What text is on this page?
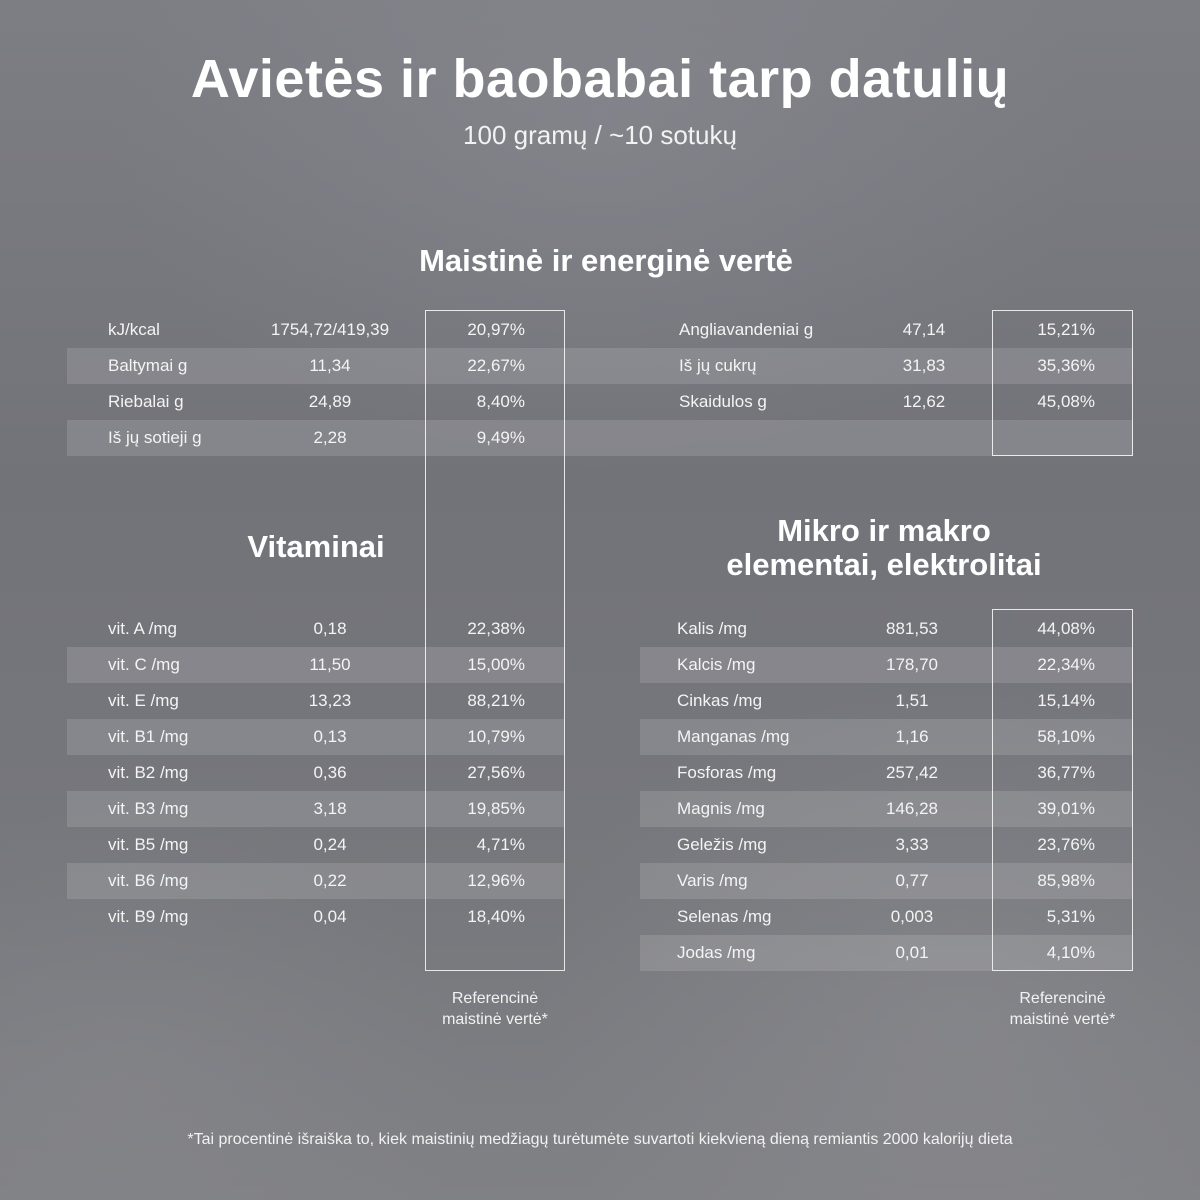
Avietės ir baobabai tarp datulių
100 gramų / ~10 sotukų
Maistinė ir energinė vertė
kJ/kcal	1754,72/419,39	20,97%
Baltymai g	11,34	22,67%
Riebalai g	24,89	8,40%
Iš jų sotieji g	2,28	9,49%
Angliavandeniai g	47,14	15,21%
Iš jų cukrų	31,83	35,36%
Skaidulos g	12,62	45,08%
Vitaminai	Mikro ir makro
elementai, elektrolitai
vit. A /mg	0,18	22,38%
vit. C /mg	11,50	15,00%
vit. E /mg	13,23	88,21%
vit. B1 /mg	0,13	10,79%
vit. B2 /mg	0,36	27,56%
vit. B3 /mg	3,18	19,85%
vit. B5 /mg	0,24	4,71%
vit. B6 /mg	0,22	12,96%
vit. B9 /mg	0,04	18,40%
Kalis /mg	881,53	44,08%
Kalcis /mg	178,70	22,34%
Cinkas /mg	1,51	15,14%
Manganas /mg	1,16	58,10%
Fosforas /mg	257,42	36,77%
Magnis /mg	146,28	39,01%
Geležis /mg	3,33	23,76%
Varis /mg	0,77	85,98%
Selenas /mg	0,003	5,31%
Jodas /mg	0,01	4,10%
Referencinė
maistinė vertė*
Referencinė
maistinė vertė*
*Tai procentinė išraiška to, kiek maistinių medžiagų turėtumėte suvartoti kiekvieną dieną remiantis 2000 kalorijų dieta
